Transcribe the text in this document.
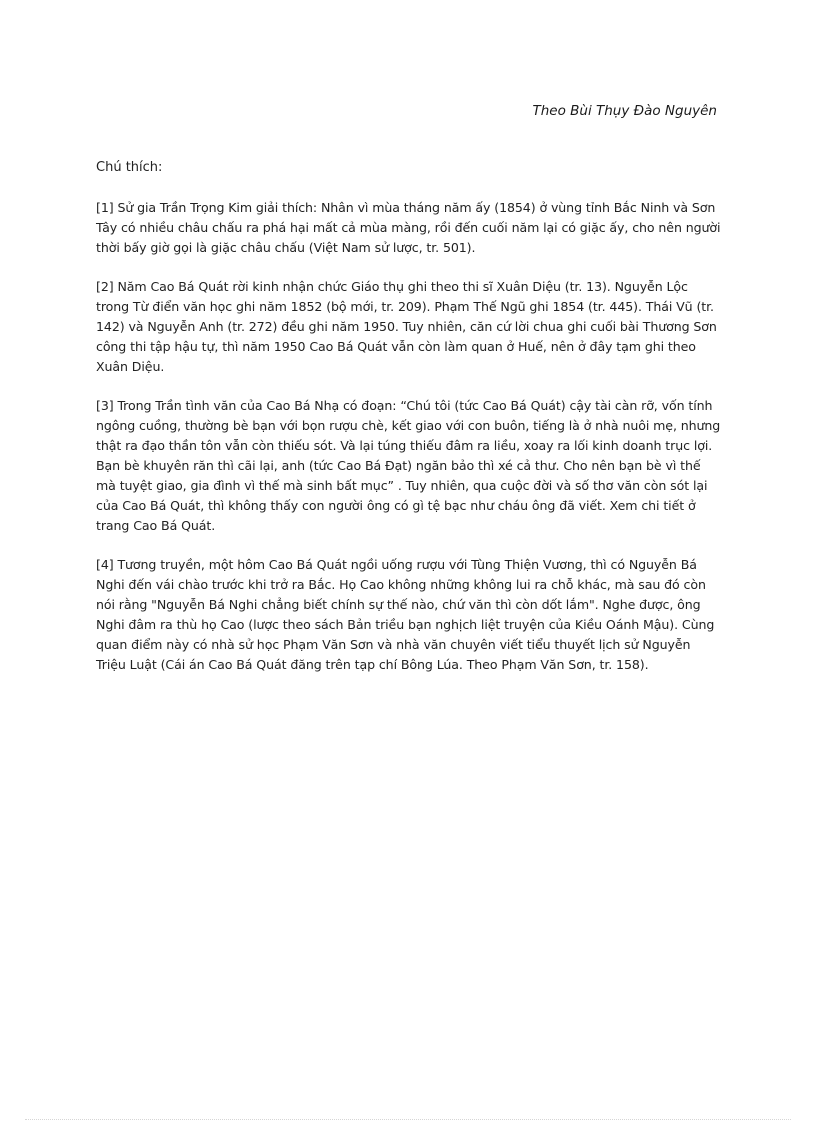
Theo Bùi Thụy Đào Nguyên
Chú thích:

[1] Sử gia Trần Trọng Kim giải thích: Nhân vì mùa tháng năm ấy (1854) ở vùng tỉnh Bắc Ninh và Sơn Tây có nhiều châu chấu ra phá hại mất cả mùa màng, rồi đến cuối năm lại có giặc ấy, cho nên người thời bấy giờ gọi là giặc châu chấu (Việt Nam sử lược, tr. 501).

[2] Năm Cao Bá Quát rời kinh nhận chức Giáo thụ ghi theo thi sĩ Xuân Diệu (tr. 13). Nguyễn Lộc trong Từ điển văn học ghi năm 1852 (bộ mới, tr. 209). Phạm Thế Ngũ ghi 1854 (tr. 445). Thái Vũ (tr. 142) và Nguyễn Anh (tr. 272) đều ghi năm 1950. Tuy nhiên, căn cứ lời chua ghi cuối bài Thương Sơn công thi tập hậu tự, thì năm 1950 Cao Bá Quát vẫn còn làm quan ở Huế, nên ở đây tạm ghi theo Xuân Diệu.

[3] Trong Trần tình văn của Cao Bá Nhạ có đoạn: “Chú tôi (tức Cao Bá Quát) cậy tài càn rỡ, vốn tính ngông cuồng, thường bè bạn với bọn rượu chè, kết giao với con buôn, tiếng là ở nhà nuôi mẹ, nhưng thật ra đạo thần tôn vẫn còn thiếu sót. Và lại túng thiếu đâm ra liều, xoay ra lối kinh doanh trục lợi. Bạn bè khuyên răn thì cãi lại, anh (tức Cao Bá Đạt) ngăn bảo thì xé cả thư. Cho nên bạn bè vì thế mà tuyệt giao, gia đình vì thế mà sinh bất mục” . Tuy nhiên, qua cuộc đời và số thơ văn còn sót lại của Cao Bá Quát, thì không thấy con người ông có gì tệ bạc như cháu ông đã viết. Xem chi tiết ở trang Cao Bá Quát.

[4] Tương truyền, một hôm Cao Bá Quát ngồi uống rượu với Tùng Thiện Vương, thì có Nguyễn Bá Nghi đến vái chào trước khi trở ra Bắc. Họ Cao không những không lui ra chỗ khác, mà sau đó còn nói rằng "Nguyễn Bá Nghi chẳng biết chính sự thế nào, chứ văn thì còn dốt lắm". Nghe được, ông Nghi đâm ra thù họ Cao (lược theo sách Bản triều bạn nghịch liệt truyện của Kiều Oánh Mậu). Cùng quan điểm này có nhà sử học Phạm Văn Sơn và nhà văn chuyên viết tiểu thuyết lịch sử Nguyễn Triệu Luật (Cái án Cao Bá Quát đăng trên tạp chí Bông Lúa. Theo Phạm Văn Sơn, tr. 158).
